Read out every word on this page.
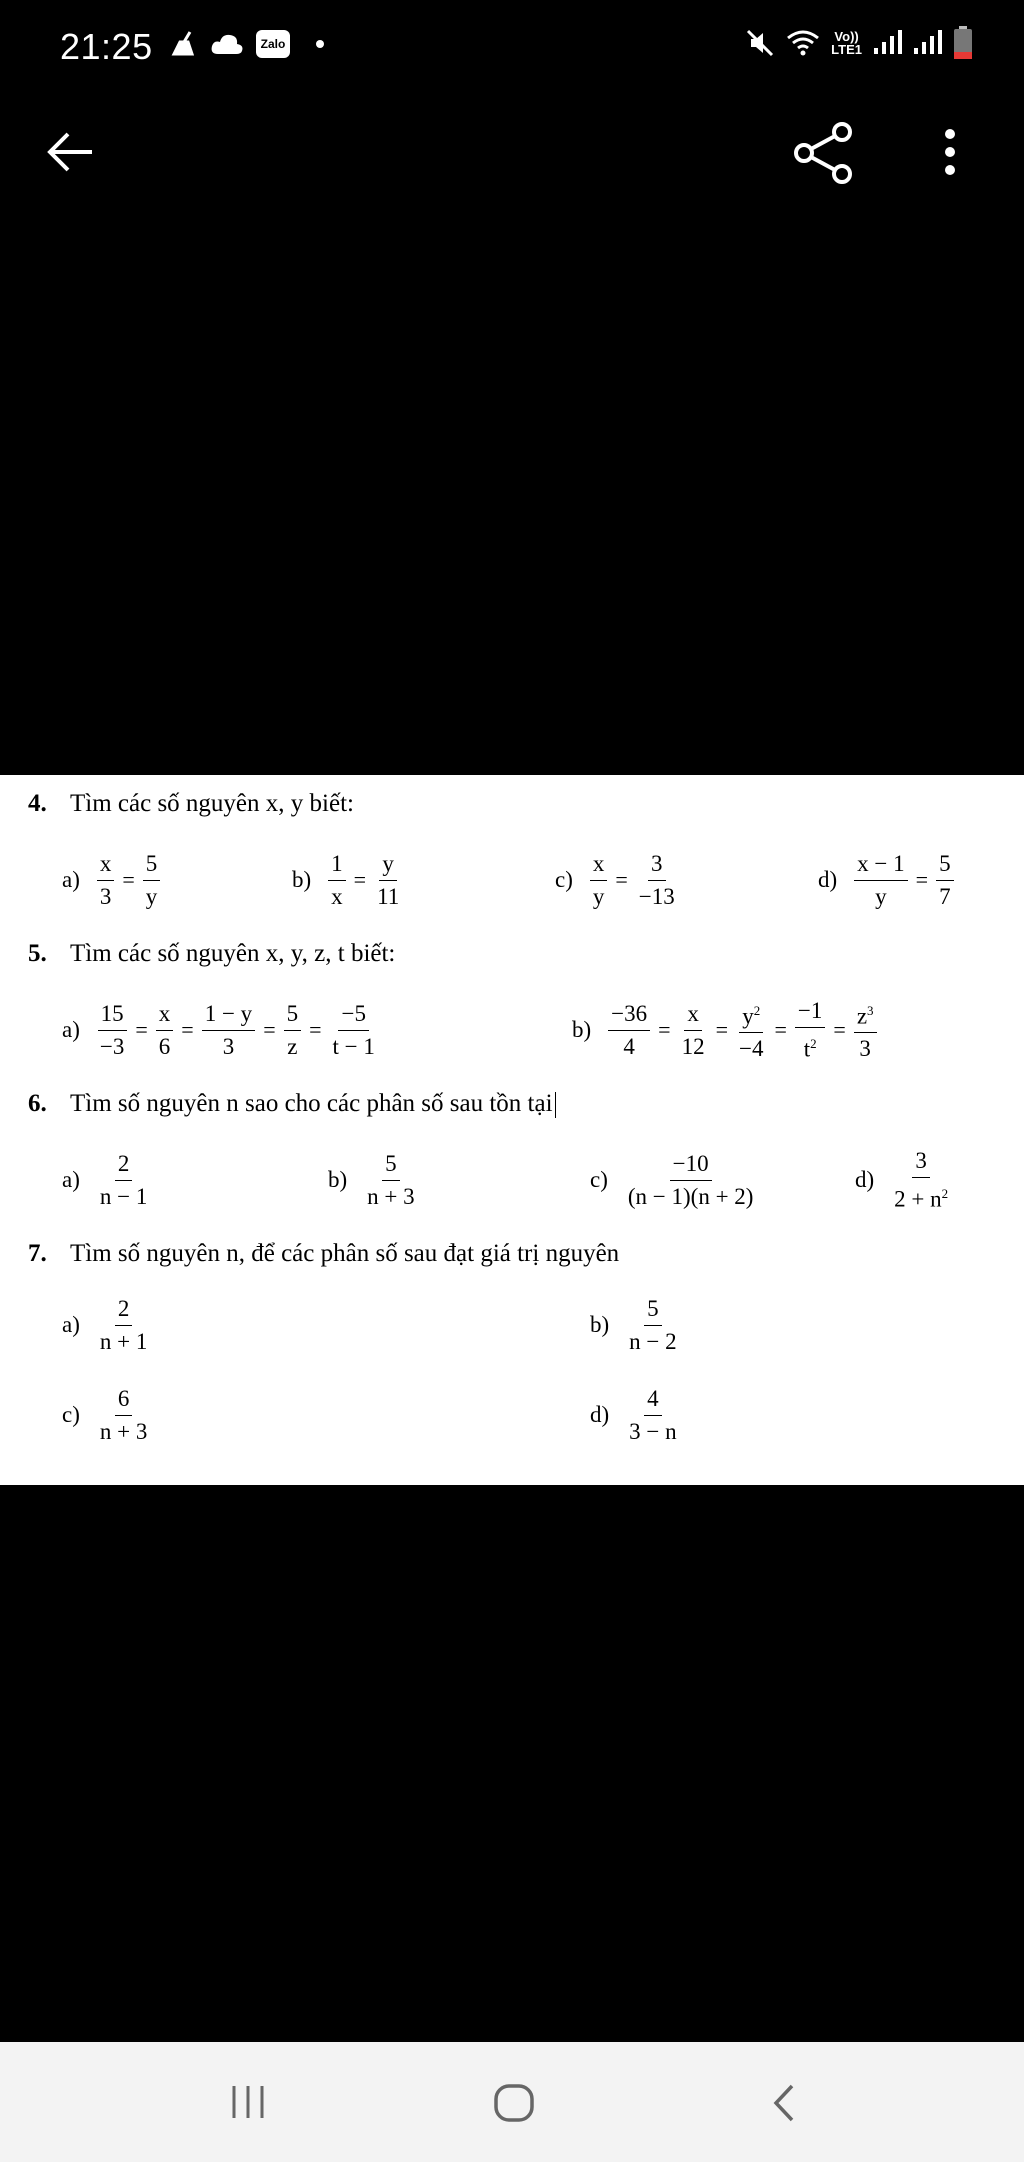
21:25	Zalo	Vo))
LTE1
4. Tìm các số nguyên x, y biết:
$a) \frac{x}{3} = \frac{5}{y}$	$b) \frac{1}{x} = \frac{y}{11}$	$c) \frac{x}{y} = \frac{3}{-13}$	$d) \frac{x - 1}{y} = \frac{5}{7}$
5. Tìm các số nguyên x, y, z, t biết:
$a) \frac{15}{-3} = \frac{x}{6} = \frac{1 - y}{3} = \frac{5}{z} = \frac{-5}{t - 1}$	$b) \frac{-36}{4} = \frac{x}{12} = \frac{y^2}{-4} = \frac{-1}{t^2} = \frac{z^3}{3}$
6. Tìm số nguyên n sao cho các phân số sau tồn tại
$a) \frac{2}{n - 1}$	$b) \frac{5}{n + 3}$	$c) \frac{-10}{(n - 1)(n + 2)}$	$d) \frac{3}{2 + n^2}$
7. Tìm số nguyên n, để các phân số sau đạt giá trị nguyên
$a) \frac{2}{n + 1}$	$b) \frac{5}{n - 2}$
$c) \frac{6}{n + 3}$	$d) \frac{4}{3 - n}$
